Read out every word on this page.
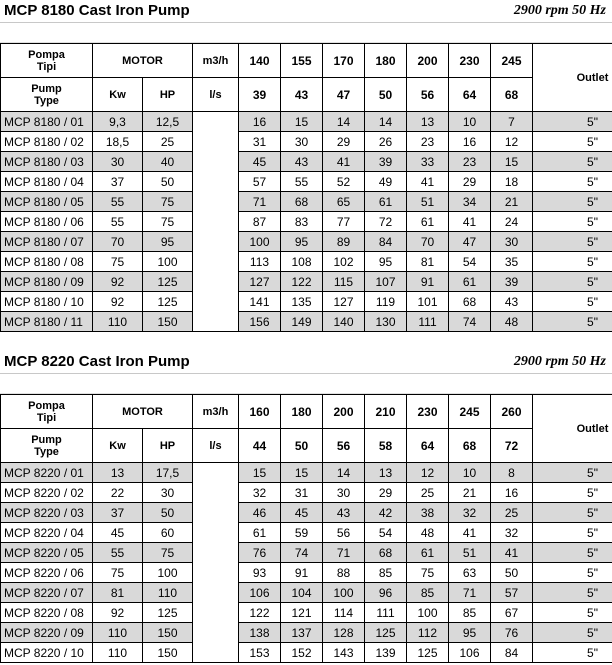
MCP 8180 Cast Iron Pump	2900 rpm 50 Hz
Pompa
Tipi	MOTOR		m3/h	140	155	170	180	200	230	245	Outlet
Pump
Type	Kw	HP	l/s	39	43	47	50	56	64	68	
MCP 8180 / 01	9,3	12,5		16	15	14	14	13	10	7	5"
MCP 8180 / 02	18,5	25		31	30	29	26	23	16	12	5"
MCP 8180 / 03	30	40		45	43	41	39	33	23	15	5"
MCP 8180 / 04	37	50		57	55	52	49	41	29	18	5"
MCP 8180 / 05	55	75		71	68	65	61	51	34	21	5"
MCP 8180 / 06	55	75		87	83	77	72	61	41	24	5"
MCP 8180 / 07	70	95		100	95	89	84	70	47	30	5"
MCP 8180 / 08	75	100		113	108	102	95	81	54	35	5"
MCP 8180 / 09	92	125		127	122	115	107	91	61	39	5"
MCP 8180 / 10	92	125		141	135	127	119	101	68	43	5"
MCP 8180 / 11	110	150		156	149	140	130	111	74	48	5"
MCP 8220 Cast Iron Pump	2900 rpm 50 Hz
Pompa
Tipi	MOTOR		m3/h	160	180	200	210	230	245	260	Outlet
Pump
Type	Kw	HP	l/s	44	50	56	58	64	68	72	
MCP 8220 / 01	13	17,5		15	15	14	13	12	10	8	5"
MCP 8220 / 02	22	30		32	31	30	29	25	21	16	5"
MCP 8220 / 03	37	50		46	45	43	42	38	32	25	5"
MCP 8220 / 04	45	60		61	59	56	54	48	41	32	5"
MCP 8220 / 05	55	75		76	74	71	68	61	51	41	5"
MCP 8220 / 06	75	100		93	91	88	85	75	63	50	5"
MCP 8220 / 07	81	110		106	104	100	96	85	71	57	5"
MCP 8220 / 08	92	125		122	121	114	111	100	85	67	5"
MCP 8220 / 09	110	150		138	137	128	125	112	95	76	5"
MCP 8220 / 10	110	150		153	152	143	139	125	106	84	5"
